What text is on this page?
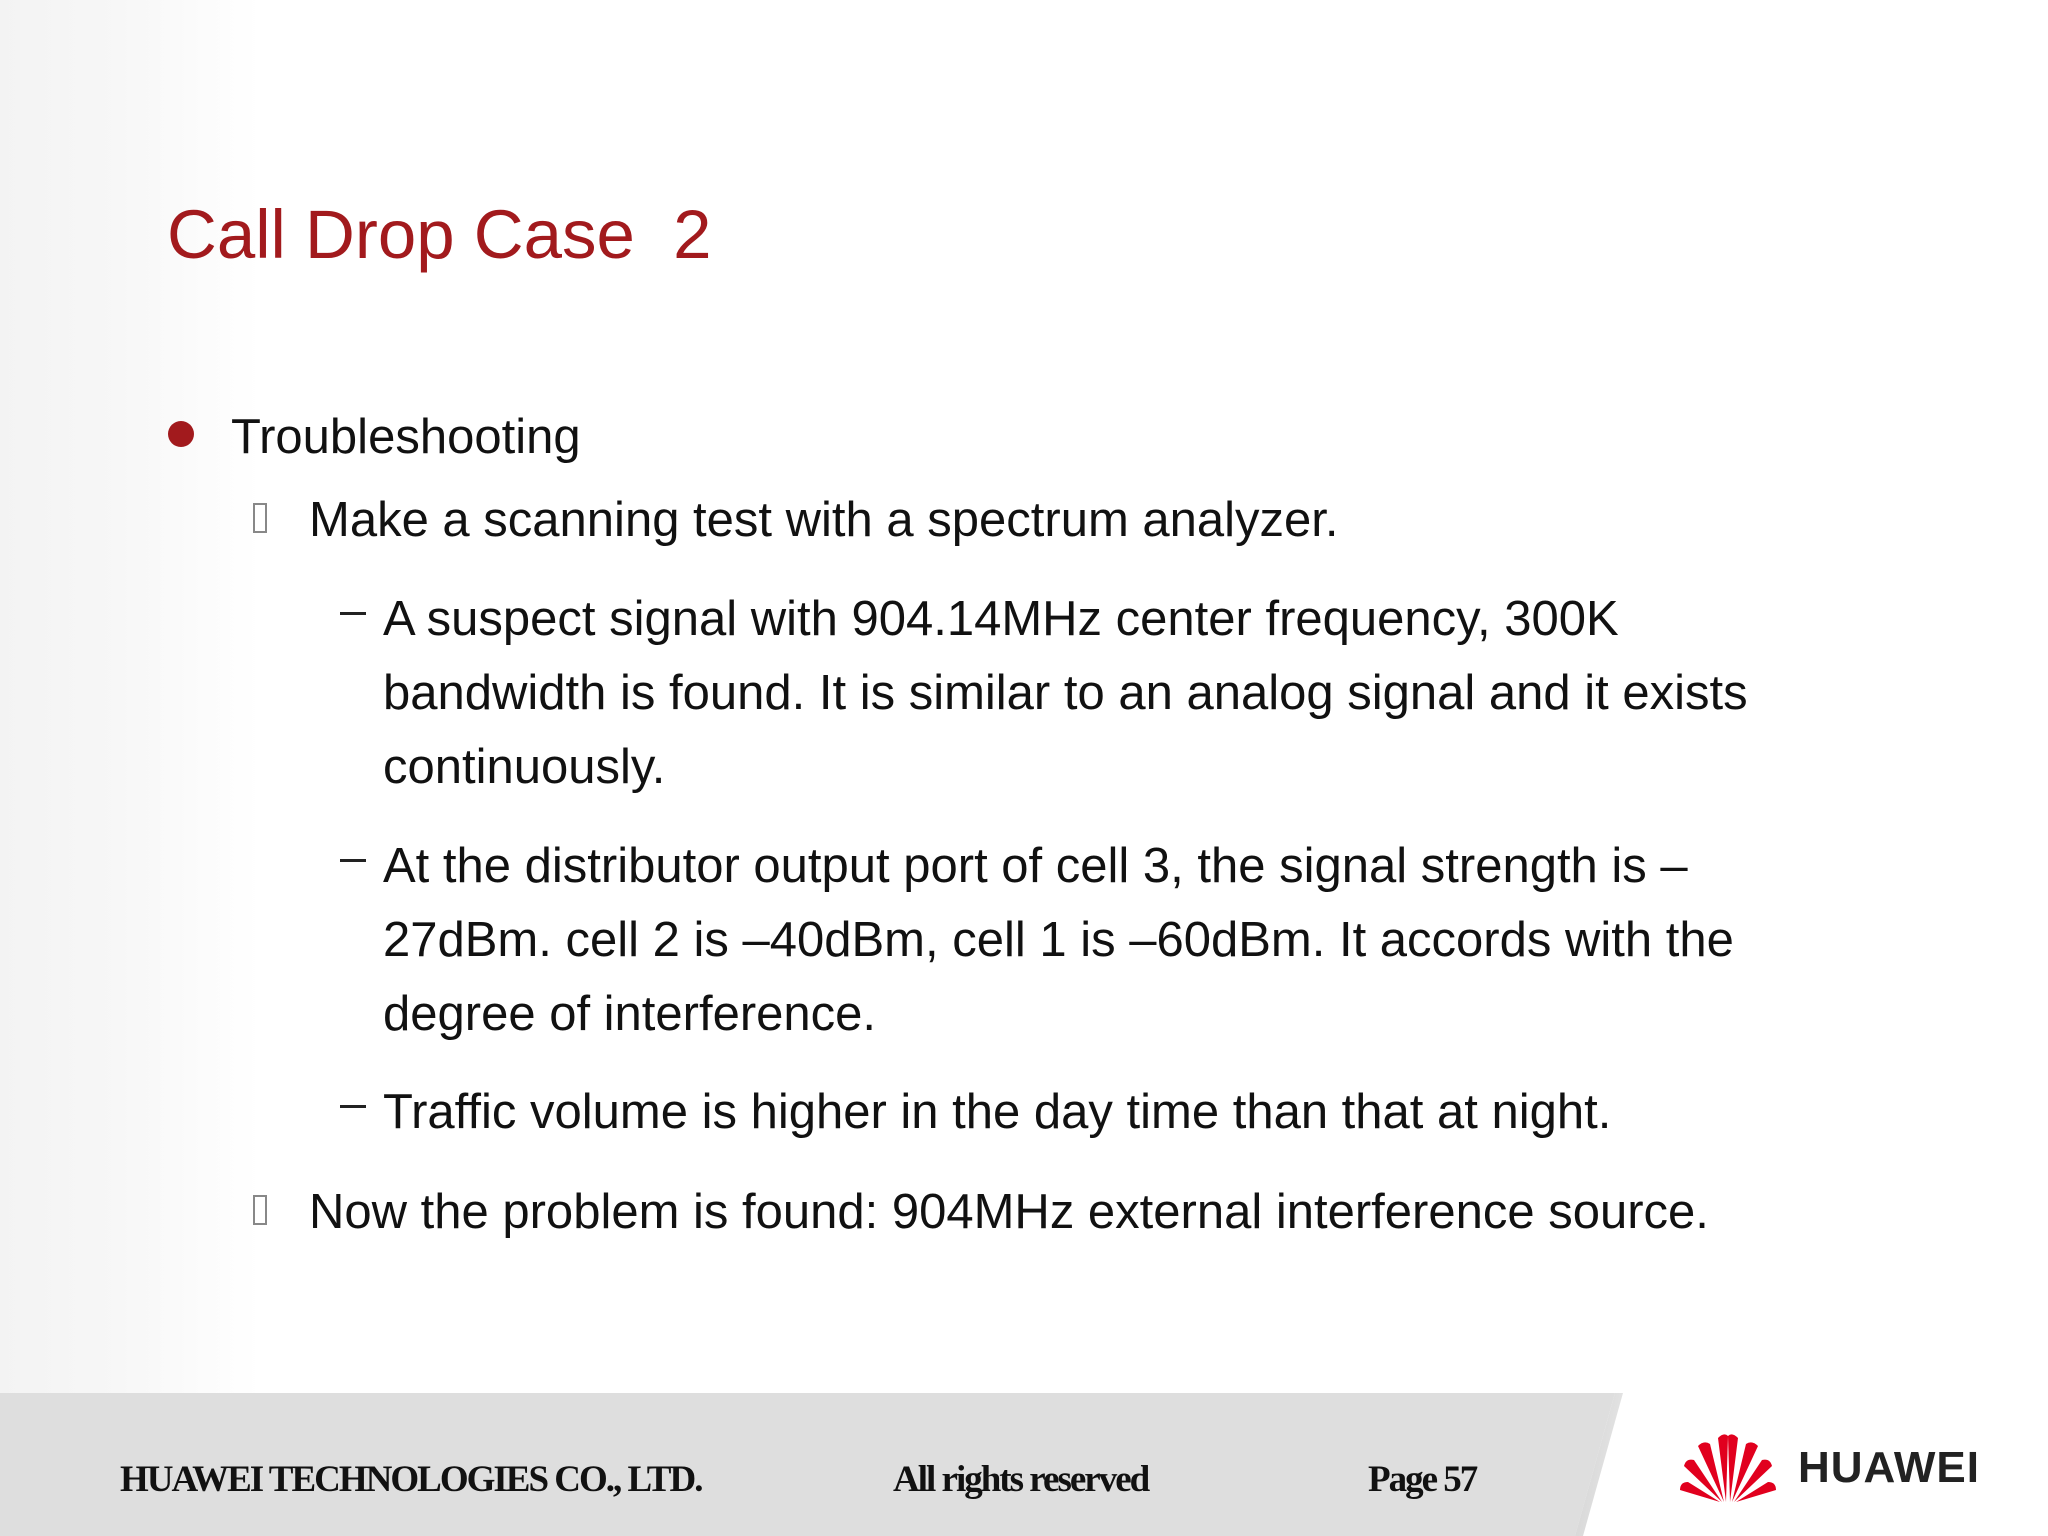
Call Drop Case  2
Troubleshooting
Make a scanning test with a spectrum analyzer.
A suspect signal with 904.14MHz center frequency, 300K bandwidth is found. It is similar to an analog signal and it exists continuously.
At the distributor output port of cell 3, the signal strength is –27dBm. cell 2 is –40dBm, cell 1 is –60dBm. It accords with the degree of interference.
Traffic volume is higher in the day time than that at night.
Now the problem is found: 904MHz external interference source.
HUAWEI TECHNOLOGIES CO., LTD.	All rights reserved	Page 57	HUAWEI
